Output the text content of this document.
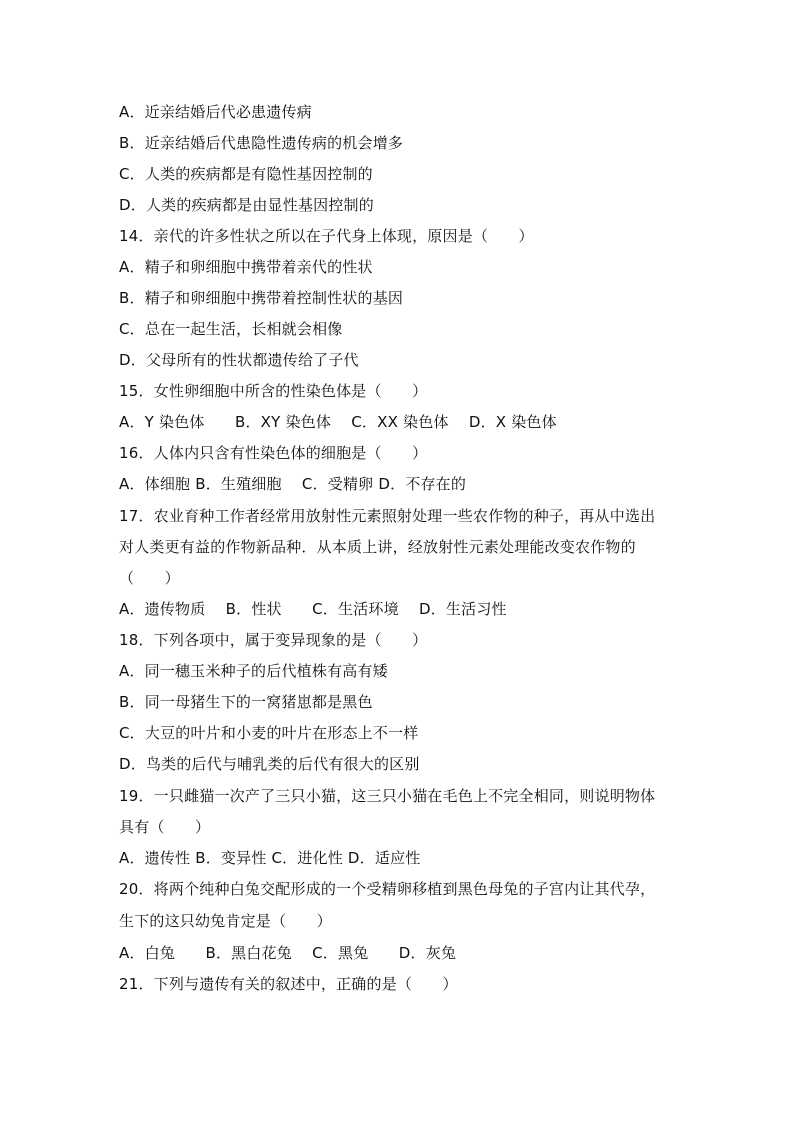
A．近亲结婚后代必患遗传病
B．近亲结婚后代患隐性遗传病的机会增多
C．人类的疾病都是有隐性基因控制的
D．人类的疾病都是由显性基因控制的
14．亲代的许多性状之所以在子代身上体现，原因是（　　）
A．精子和卵细胞中携带着亲代的性状
B．精子和卵细胞中携带着控制性状的基因
C．总在一起生活，长相就会相像
D．父母所有的性状都遗传给了子代
15．女性卵细胞中所含的性染色体是（　　）
A．Y 染色体　　B．XY 染色体　 C．XX 染色体　 D．X 染色体
16．人体内只含有性染色体的细胞是（　　）
A．体细胞 B．生殖细胞　 C．受精卵 D．不存在的
17．农业育种工作者经常用放射性元素照射处理一些农作物的种子，再从中选出
对人类更有益的作物新品种．从本质上讲，经放射性元素处理能改变农作物的
（　　）
A．遗传物质　 B．性状　　C．生活环境　 D．生活习性
18．下列各项中，属于变异现象的是（　　）
A．同一穗玉米种子的后代植株有高有矮
B．同一母猪生下的一窝猪崽都是黑色
C．大豆的叶片和小麦的叶片在形态上不一样
D．鸟类的后代与哺乳类的后代有很大的区别
19．一只雌猫一次产了三只小猫，这三只小猫在毛色上不完全相同，则说明物体
具有（　　）
A．遗传性 B．变异性 C．进化性 D．适应性
20．将两个纯种白兔交配形成的一个受精卵移植到黑色母兔的子宫内让其代孕，
生下的这只幼兔肯定是（　　）
A．白兔　　B．黑白花兔　 C．黑兔　　D．灰兔
21．下列与遗传有关的叙述中，正确的是（　　）
